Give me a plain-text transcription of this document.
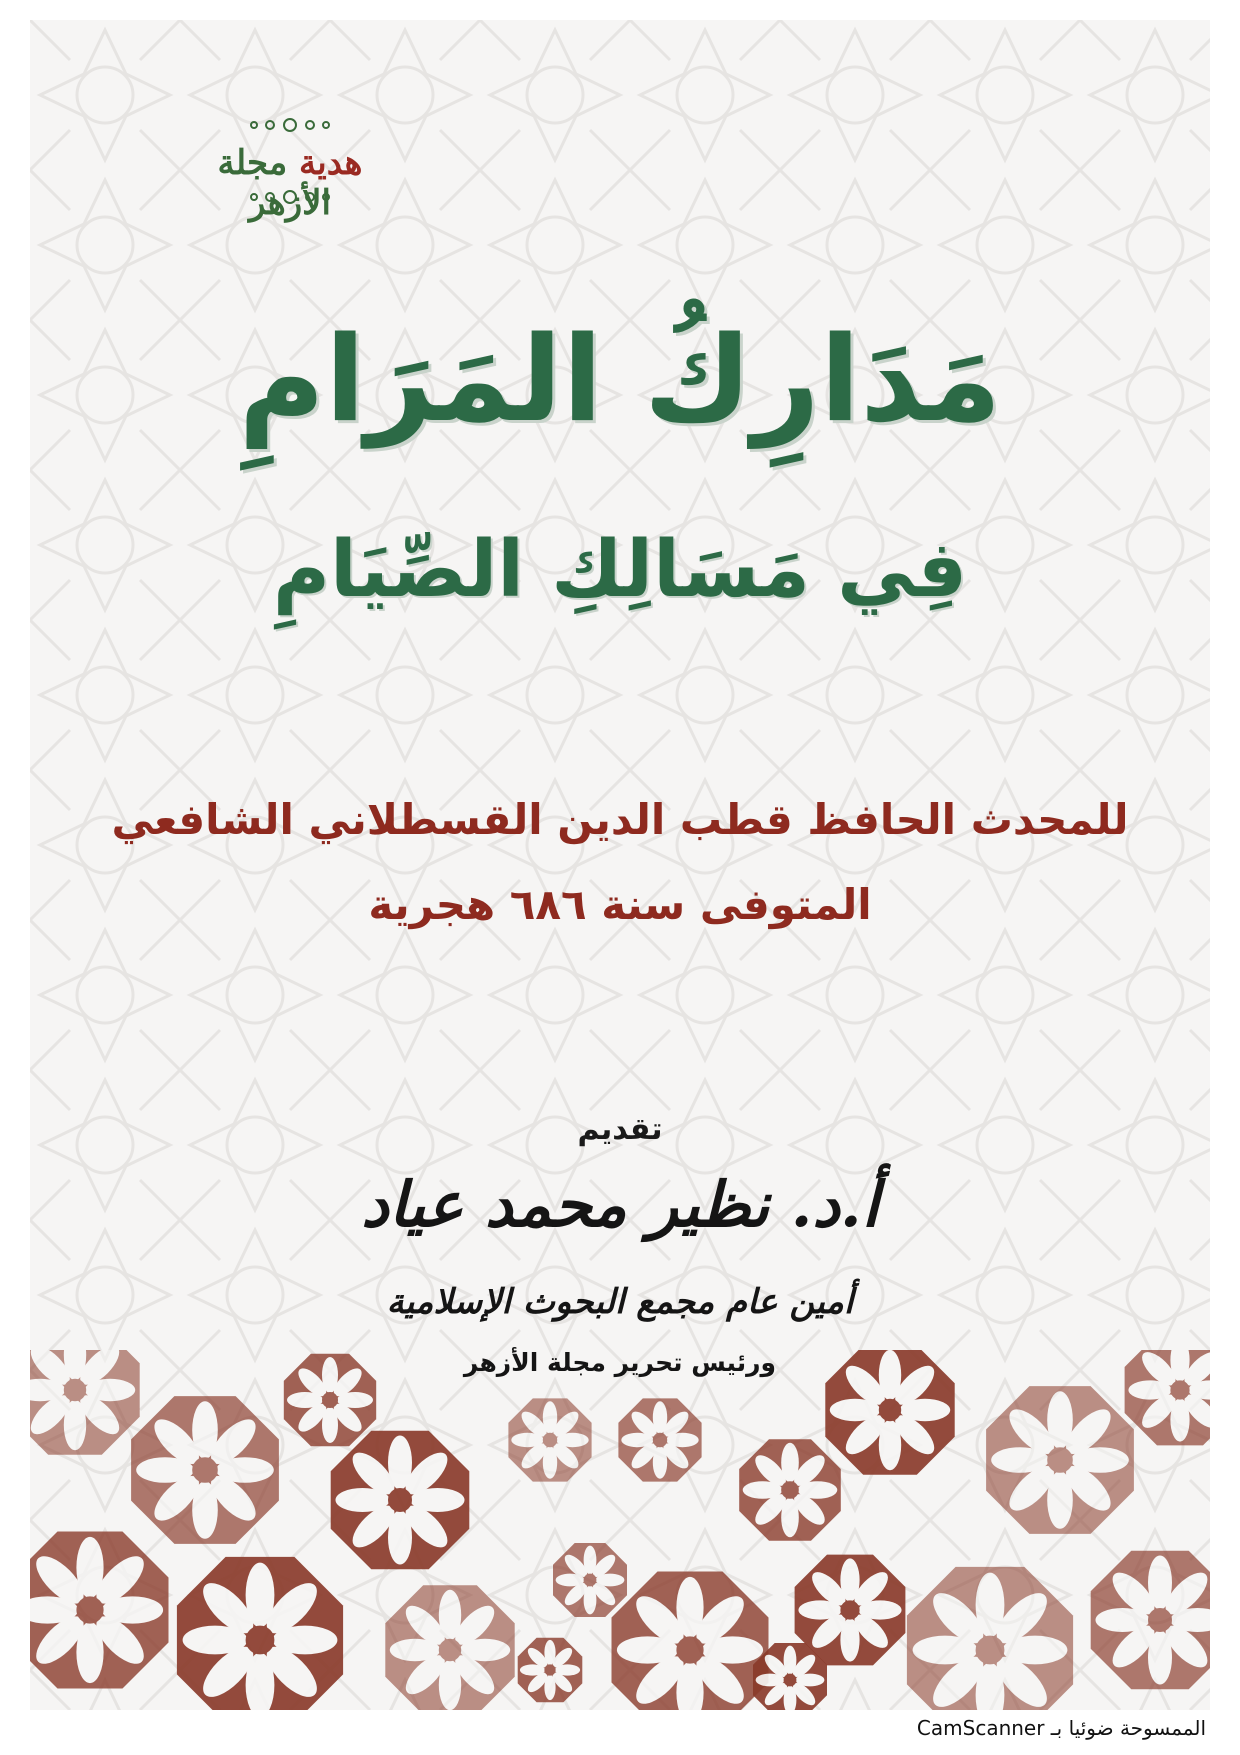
هدية مجلة الأزهر
مَدَارِكُ المَرَامِ
فِي مَسَالِكِ الصِّيَامِ
للمحدث الحافظ قطب الدين القسطلاني الشافعي
المتوفى سنة ٦٨٦ هجرية
تقديم
أ.د. نظير محمد عياد
أمين عام مجمع البحوث الإسلامية
ورئيس تحرير مجلة الأزهر
الممسوحة ضوئيا بـ CamScanner
